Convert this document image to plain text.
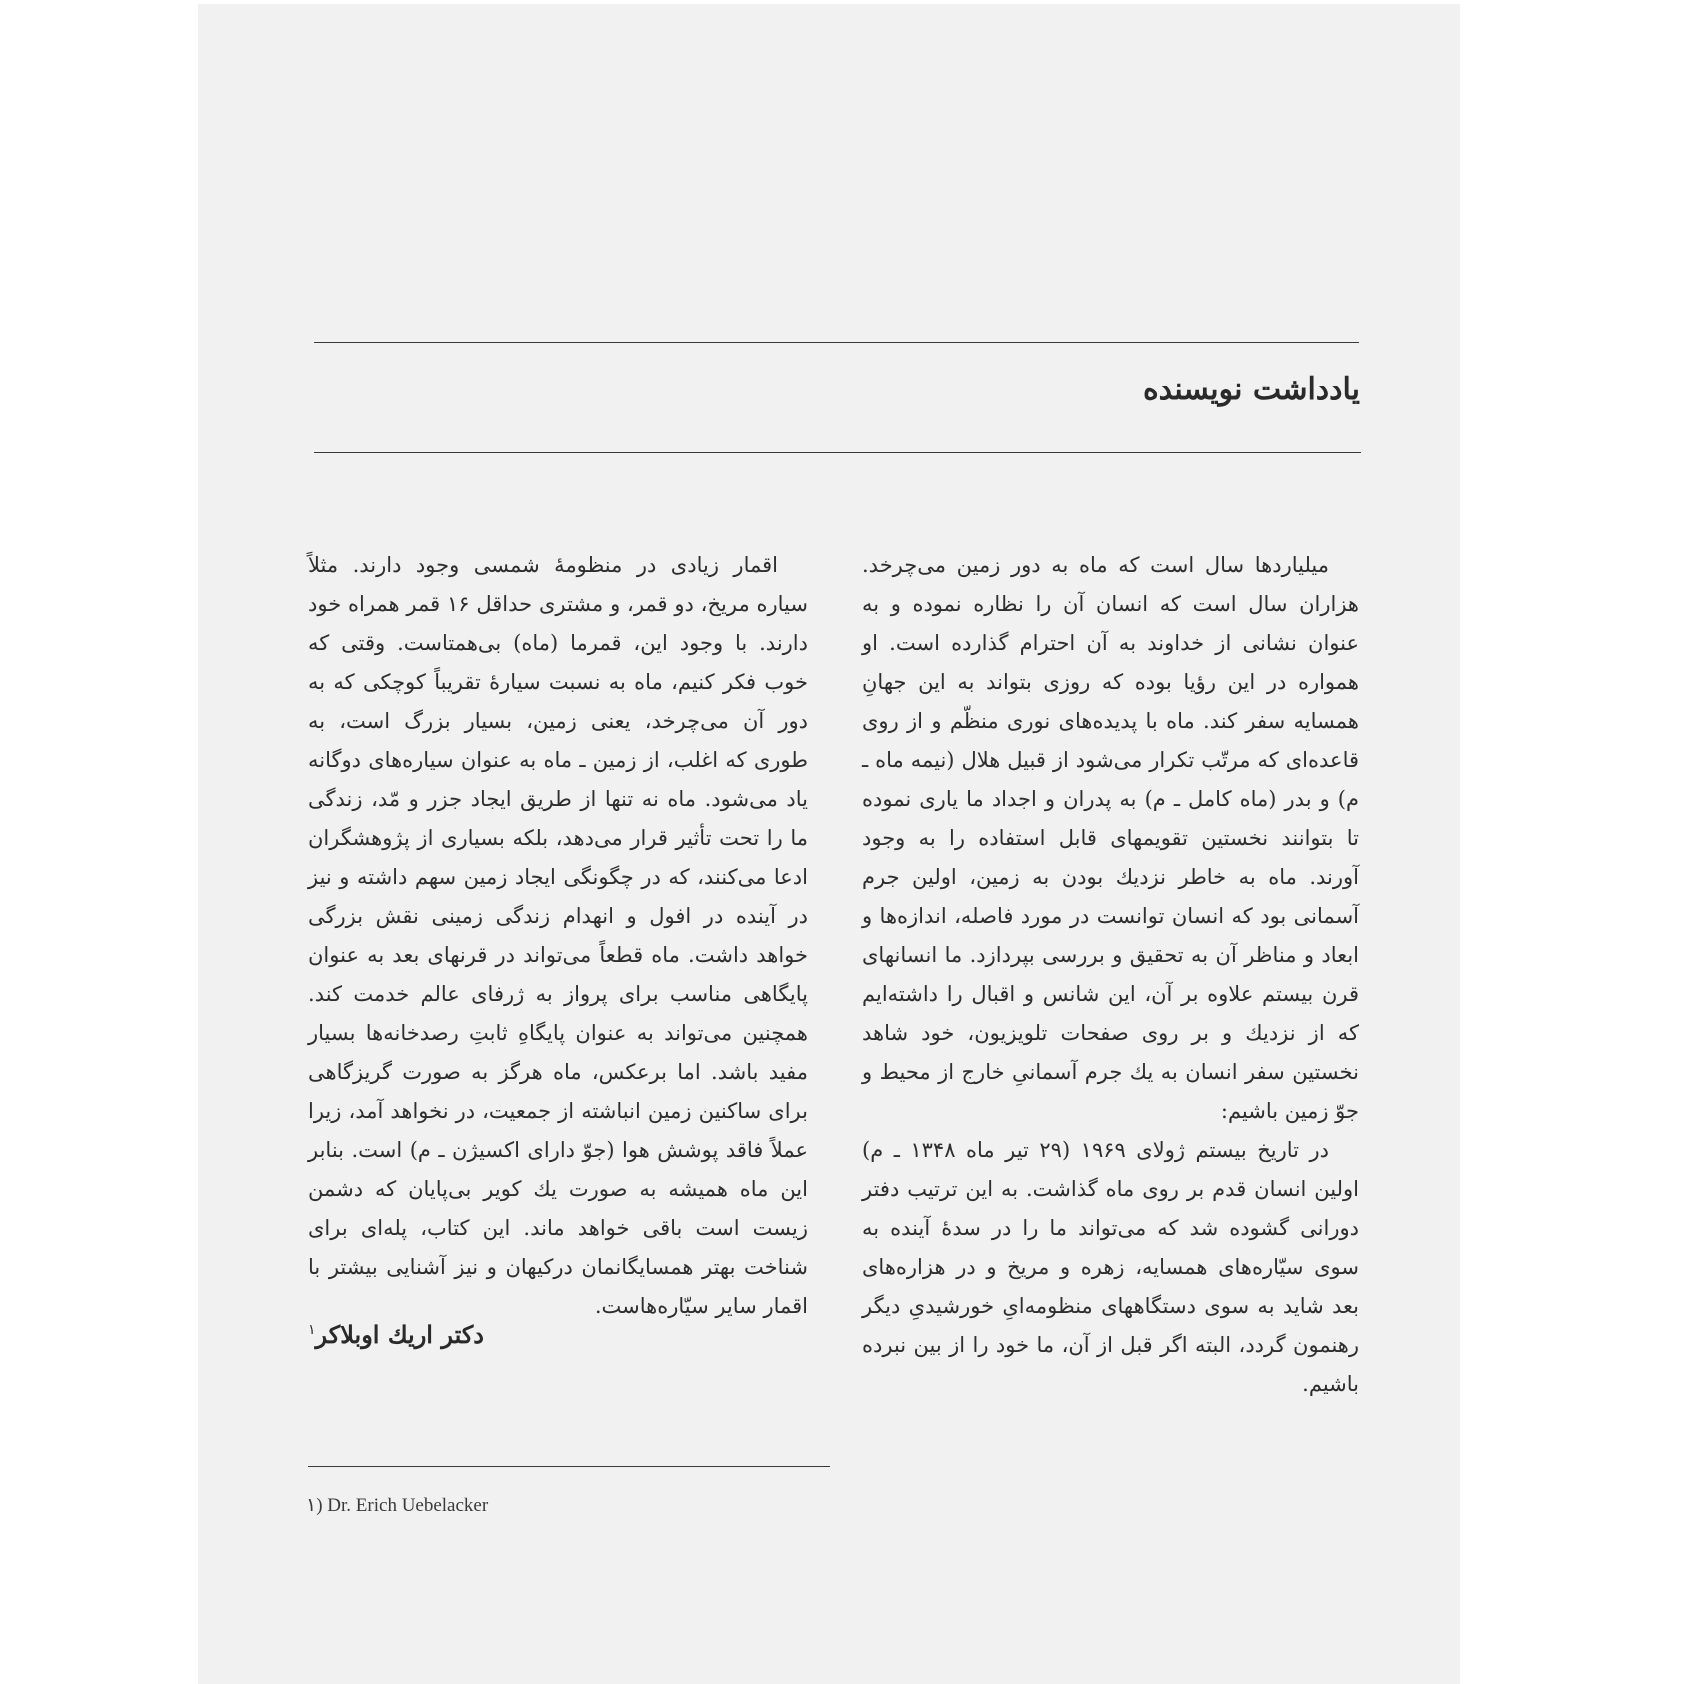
یادداشت نویسنده

میلیاردها سال است که ماه به دور زمین می‌چرخد. هزاران سال است که انسان آن را نظاره نموده و به عنوان نشانی از خداوند به آن احترام گذارده است. او همواره در این رؤیا بوده که روزی بتواند به این جهانِ همسایه سفر کند. ماه با پدیده‌های نوری منظّم و از روی قاعده‌ای که مرتّب تکرار می‌شود از قبیل هلال (نیمه ماه ـ م) و بدر (ماه کامل ـ م) به پدران و اجداد ما یاری نموده تا بتوانند نخستین تقویمهای قابل استفاده را به وجود آورند. ماه به خاطر نزدیك بودن به زمین، اولین جرم آسمانی بود که انسان توانست در مورد فاصله، اندازه‌ها و ابعاد و مناظر آن به تحقیق و بررسی بپردازد. ما انسانهای قرن بیستم علاوه بر آن، این شانس و اقبال را داشته‌ایم که از نزدیك و بر روی صفحات تلویزیون، خود شاهد نخستین سفر انسان به یك جرم آسمانیِ خارج از محیط و جوّ زمین باشیم:

در تاریخ بیستم ژولای ۱۹۶۹ (۲۹ تیر ماه ۱۳۴۸ ـ م) اولین انسان قدم بر روی ماه گذاشت. به این ترتیب دفتر دورانی گشوده شد که می‌تواند ما را در سدهٔ آینده به سوی سیّاره‌های همسایه، زهره و مریخ و در هزاره‌های بعد شاید به سوی دستگاههای منظومه‌ایِ خورشیدیِ دیگر رهنمون گردد، البته اگر قبل از آن، ما خود را از بین نبرده باشیم.

اقمار زیادی در منظومهٔ شمسی وجود دارند. مثلاً سیاره مریخ، دو قمر، و مشتری حداقل ۱۶ قمر همراه خود دارند. با وجود این، قمرما (ماه) بی‌همتاست. وقتی که خوب فکر کنیم، ماه به نسبت سیارهٔ تقریباً کوچکی که به دور آن می‌چرخد، یعنی زمین، بسیار بزرگ است، به طوری که اغلب، از زمین ـ ماه به عنوان سیاره‌های دوگانه یاد می‌شود. ماه نه تنها از طریق ایجاد جزر و مّد، زندگی ما را تحت تأثیر قرار می‌دهد، بلکه بسیاری از پژوهشگران ادعا می‌کنند، که در چگونگی ایجاد زمین سهم داشته و نیز در آینده در افول و انهدام زندگی زمینی نقش بزرگی خواهد داشت. ماه قطعاً می‌تواند در قرنهای بعد به عنوان پایگاهی مناسب برای پرواز به ژرفای عالم خدمت کند. همچنین می‌تواند به عنوان پایگاهِ ثابتِ رصدخانه‌ها بسیار مفید باشد. اما برعکس، ماه هرگز به صورت گریزگاهی برای ساکنین زمین انباشته از جمعیت، در نخواهد آمد، زیرا عملاً فاقد پوشش هوا (جوّ دارای اکسیژن ـ م) است. بنابر این ماه همیشه به صورت یك کویر بی‌پایان که دشمن زیست است باقی خواهد ماند. این کتاب، پله‌ای برای شناخت بهتر همسایگانمان درکیهان و نیز آشنایی بیشتر با اقمار سایر سیّاره‌هاست.

دکتر اریك اوبلاکر$^۱$
١) Dr. Erich Uebelacker
